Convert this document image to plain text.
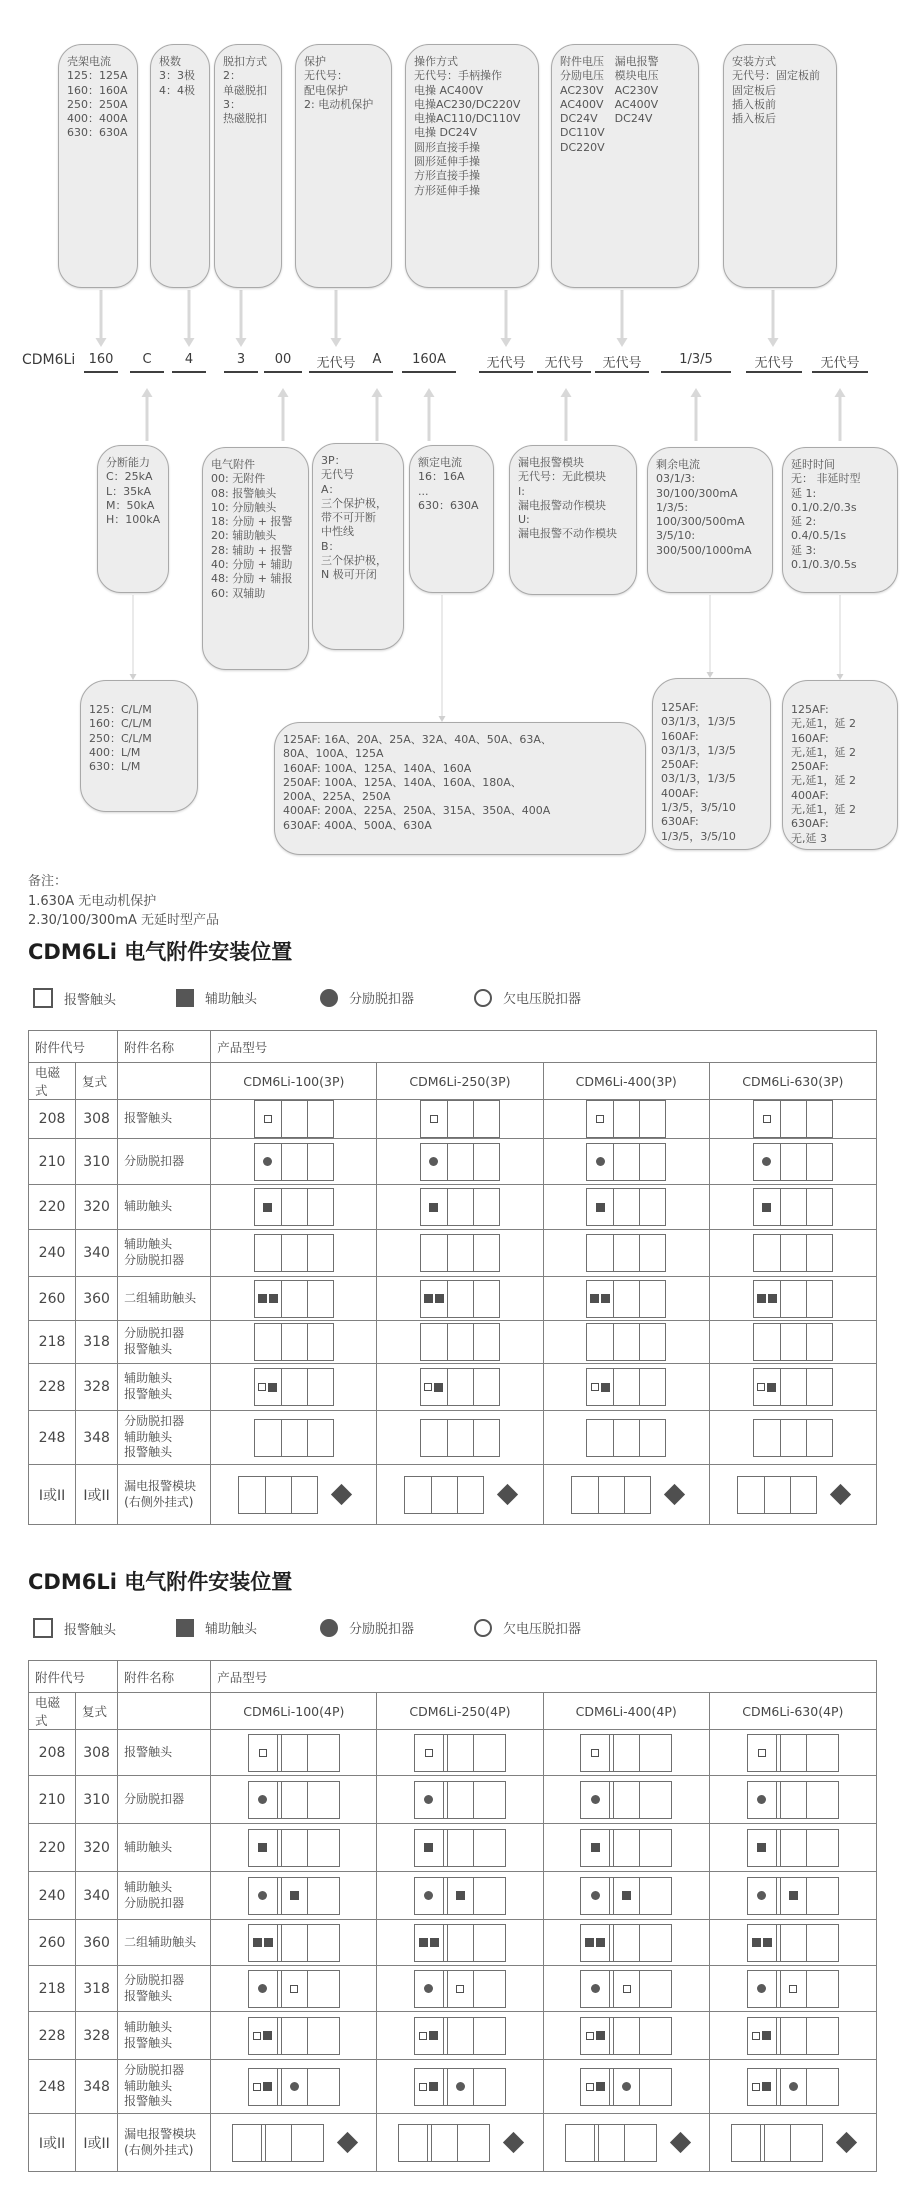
CDM6Li
壳架电流
125：125A
160：160A
250：250A
400：400A
630：630A
极数
3：3极
4：4极
脱扣方式
2：
单磁脱扣
3：
热磁脱扣
保护
无代号：
配电保护
2: 电动机保护
操作方式
无代号：手柄操作
电操 AC400V
电操AC230/DC220V
电操AC110/DC110V
电操 DC24V
圆形直接手操
圆形延伸手操
方形直接手操
方形延伸手操
附件电压
分励电压
AC230V
AC400V
DC24V
DC110V
DC220V
漏电报警
模块电压
AC230V
AC400V
DC24V
安装方式
无代号：固定板前
固定板后
插入板前
插入板后
分断能力
C：25kA
L：35kA
M：50kA
H：100kA
电气附件
00: 无附件
08: 报警触头
10: 分励触头
18: 分励 + 报警
20: 辅助触头
28: 辅助 + 报警
40: 分励 + 辅助
48: 分励 + 辅报
60: 双辅助
3P：
无代号
A：
三个保护极，
带不可开断
中性线
B：
三个保护极，
N 极可开闭
额定电流
16：16A
...
630：630A
漏电报警模块
无代号：无此模块
I:
漏电报警动作模块
U:
漏电报警不动作模块
剩余电流
03/1/3:
30/100/300mA
1/3/5:
100/300/500mA
3/5/10:
300/500/1000mA
延时时间
无： 非延时型
延 1:
0.1/0.2/0.3s
延 2:
0.4/0.5/1s
延 3:
0.1/0.3/0.5s
125：C/L/M
160：C/L/M
250：C/L/M
400：L/M
630：L/M
125AF: 16A、20A、25A、32A、40A、50A、63A、
80A、100A、125A
160AF: 100A、125A、140A、160A
250AF: 100A、125A、140A、160A、180A、
200A、225A、250A
400AF: 200A、225A、250A、315A、350A、400A
630AF: 400A、500A、630A
125AF:
03/1/3，1/3/5
160AF:
03/1/3，1/3/5
250AF:
03/1/3，1/3/5
400AF:
1/3/5，3/5/10
630AF:
1/3/5，3/5/10
125AF:
无,延1，延 2
160AF:
无,延1，延 2
250AF:
无,延1，延 2
400AF:
无,延1，延 2
630AF:
无,延 3
160	C	4	3	00	无代号	A	160A	无代号	无代号	无代号	1/3/5	无代号	无代号
备注：
1.630A 无电动机保护
2.30/100/300mA 无延时型产品
CDM6Li 电气附件安装位置
报警触头	辅助触头	分励脱扣器	欠电压脱扣器
附件代号		附件名称	产品型号			
电磁式	复式		CDM6Li-100(3P)	CDM6Li-250(3P)	CDM6Li-400(3P)	CDM6Li-630(3P)
208	308	报警触头				

210	310	分励脱扣器				

220	320	辅助触头				

240	340	辅助触头
分励脱扣器				

260	360	二组辅助触头				

218	318	分励脱扣器
报警触头				

228	328	辅助触头
报警触头				

248	348	分励脱扣器
辅助触头
报警触头				

I或II	I或II	漏电报警模块
(右侧外挂式)				

CDM6Li 电气附件安装位置
报警触头	辅助触头	分励脱扣器	欠电压脱扣器
附件代号		附件名称	产品型号			
电磁式	复式		CDM6Li-100(4P)	CDM6Li-250(4P)	CDM6Li-400(4P)	CDM6Li-630(4P)
208	308	报警触头				

210	310	分励脱扣器				

220	320	辅助触头				

240	340	辅助触头
分励脱扣器				

260	360	二组辅助触头				

218	318	分励脱扣器
报警触头				

228	328	辅助触头
报警触头				

248	348	分励脱扣器
辅助触头
报警触头				

I或II	I或II	漏电报警模块
(右侧外挂式)				
